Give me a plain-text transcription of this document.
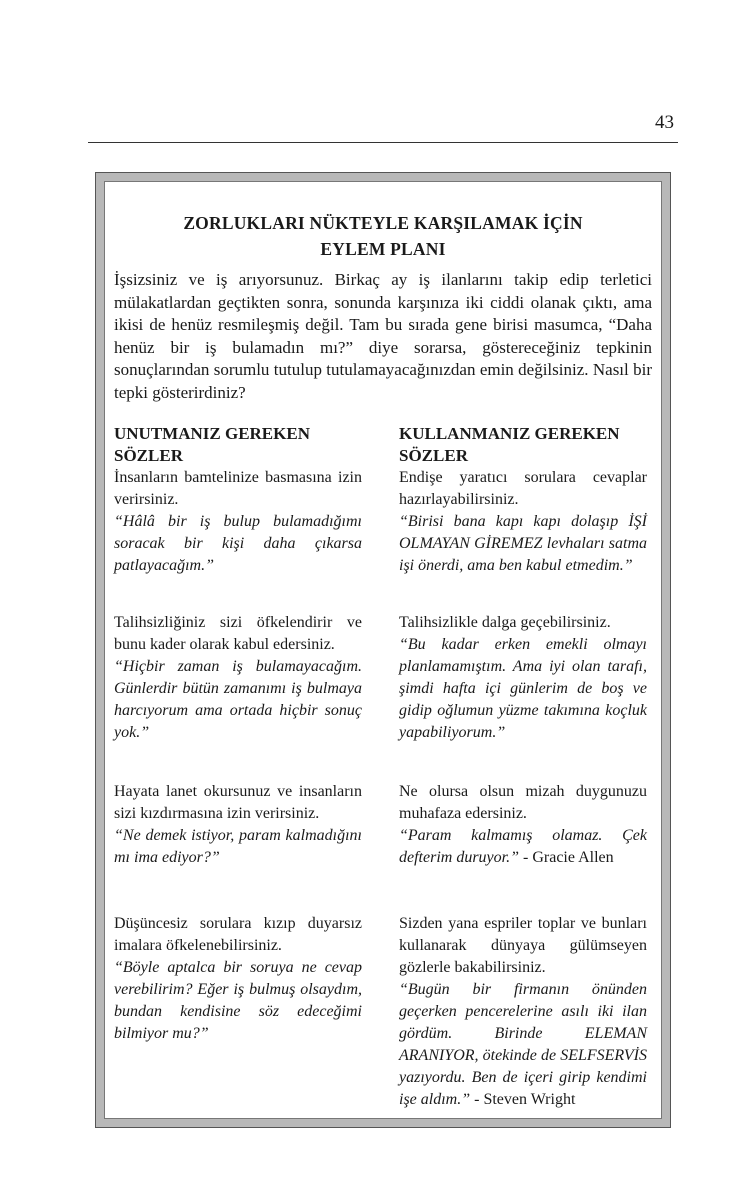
43
ZORLUKLARI NÜKTEYLE KARŞILAMAK İÇİN
EYLEM PLANI
İşsizsiniz ve iş arıyorsunuz. Birkaç ay iş ilanlarını takip edip terletici mülakatlardan geçtikten sonra, sonunda karşınıza iki ciddi olanak çıktı, ama ikisi de henüz resmileşmiş değil. Tam bu sırada gene birisi masumca, “Daha henüz bir iş bulamadın mı?” diye sorarsa, göstereceğiniz tepkinin sonuçlarından sorumlu tutulup tutulamayacağınızdan emin değilsiniz. Nasıl bir tepki gösterirdiniz?
UNUTMANIZ GEREKEN
SÖZLER

İnsanların bamtelinize basmasına izin verirsiniz.

“Hâlâ bir iş bulup bulamadığımı soracak bir kişi daha çıkarsa patlayacağım.”

Talihsizliğiniz sizi öfkelendirir ve bunu kader olarak kabul edersiniz.

“Hiçbir zaman iş bulamayacağım. Günlerdir bütün zamanımı iş bulmaya harcıyorum ama ortada hiçbir sonuç yok.”

Hayata lanet okursunuz ve insanların sizi kızdırmasına izin verirsiniz.

“Ne demek istiyor, param kalmadığını mı ima ediyor?”

Düşüncesiz sorulara kızıp duyarsız imalara öfkelenebilirsiniz.

“Böyle aptalca bir soruya ne cevap verebilirim? Eğer iş bulmuş olsaydım, bundan kendisine söz edeceğimi bilmiyor mu?”

KULLANMANIZ GEREKEN
SÖZLER

Endişe yaratıcı sorulara cevaplar hazırlayabilirsiniz.

“Birisi bana kapı kapı dolaşıp İŞİ OLMAYAN GİREMEZ levhaları satma işi önerdi, ama ben kabul etmedim.”

Talihsizlikle dalga geçebilirsiniz.

“Bu kadar erken emekli olmayı planlamamıştım. Ama iyi olan tarafı, şimdi hafta içi günlerim de boş ve gidip oğlumun yüzme takımına koçluk yapabiliyorum.”

Ne olursa olsun mizah duygunuzu muhafaza edersiniz.

“Param kalmamış olamaz. Çek defterim duruyor.” - Gracie Allen

Sizden yana espriler toplar ve bunları kullanarak dünyaya gülümseyen gözlerle bakabilirsiniz.

“Bugün bir firmanın önünden geçerken pencerelerine asılı iki ilan gördüm. Birinde ELEMAN ARANIYOR, ötekinde de SELFSERVİS yazıyordu. Ben de içeri girip kendimi işe aldım.” - Steven Wright
